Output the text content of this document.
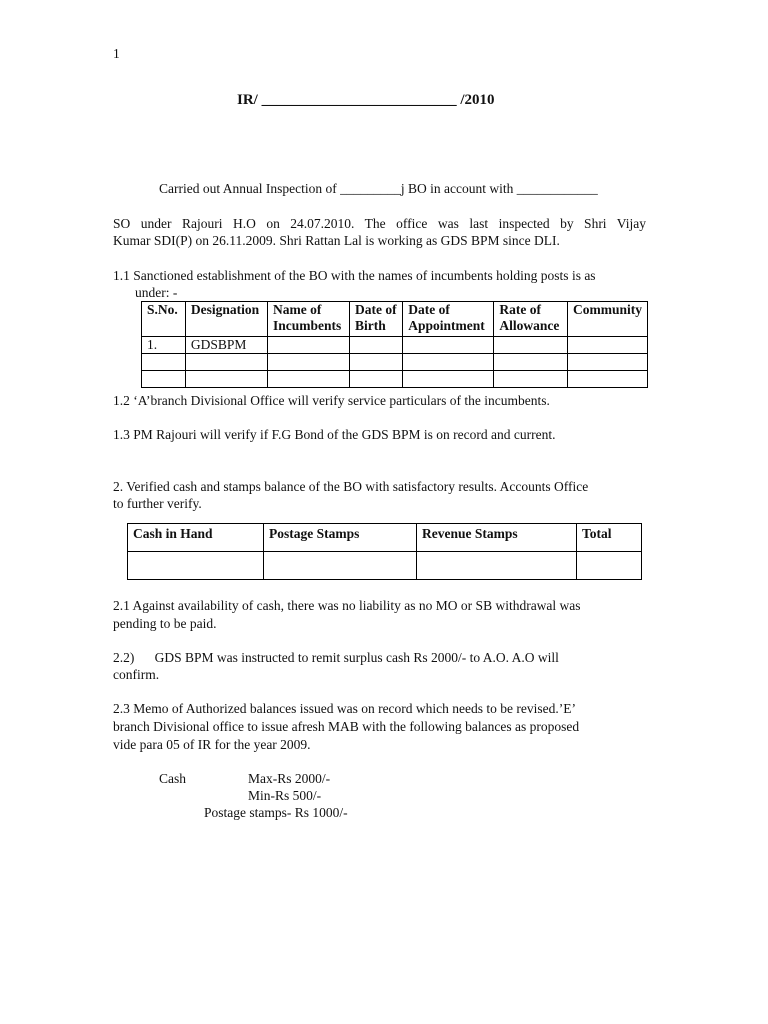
1
IR/ __________________________ /2010
Carried out Annual Inspection of _________j BO in account with ____________
SO under Rajouri H.O on 24.07.2010. The office was last inspected by Shri Vijay
Kumar SDI(P) on 26.11.2009. Shri Rattan Lal is working as GDS BPM since DLI.
1.1 Sanctioned establishment of the BO with the names of incumbents holding posts is as
under: -
S.No.	Designation	Name of Incumbents	Date of Birth	Date of Appointment	Rate of Allowance	Community
1.	GDSBPM					

1.2 ‘A’branch Divisional Office will verify service particulars of the incumbents.
1.3 PM Rajouri will verify if F.G Bond of the GDS BPM is on record and current.
2. Verified cash and stamps balance of the BO with satisfactory results. Accounts Office
to further verify.
Cash in Hand	Postage Stamps	Revenue Stamps	Total

2.1 Against availability of cash, there was no liability as no MO or SB withdrawal was
pending to be paid.
2.2)      GDS BPM was instructed to remit surplus cash Rs 2000/- to A.O. A.O will
confirm.
2.3 Memo of Authorized balances issued was on record which needs to be revised.’E’
branch Divisional office to issue afresh MAB with the following balances as proposed
vide para 05 of IR for the year 2009.
Cash	Max-Rs 2000/-
Min-Rs 500/-
Postage stamps- Rs 1000/-
